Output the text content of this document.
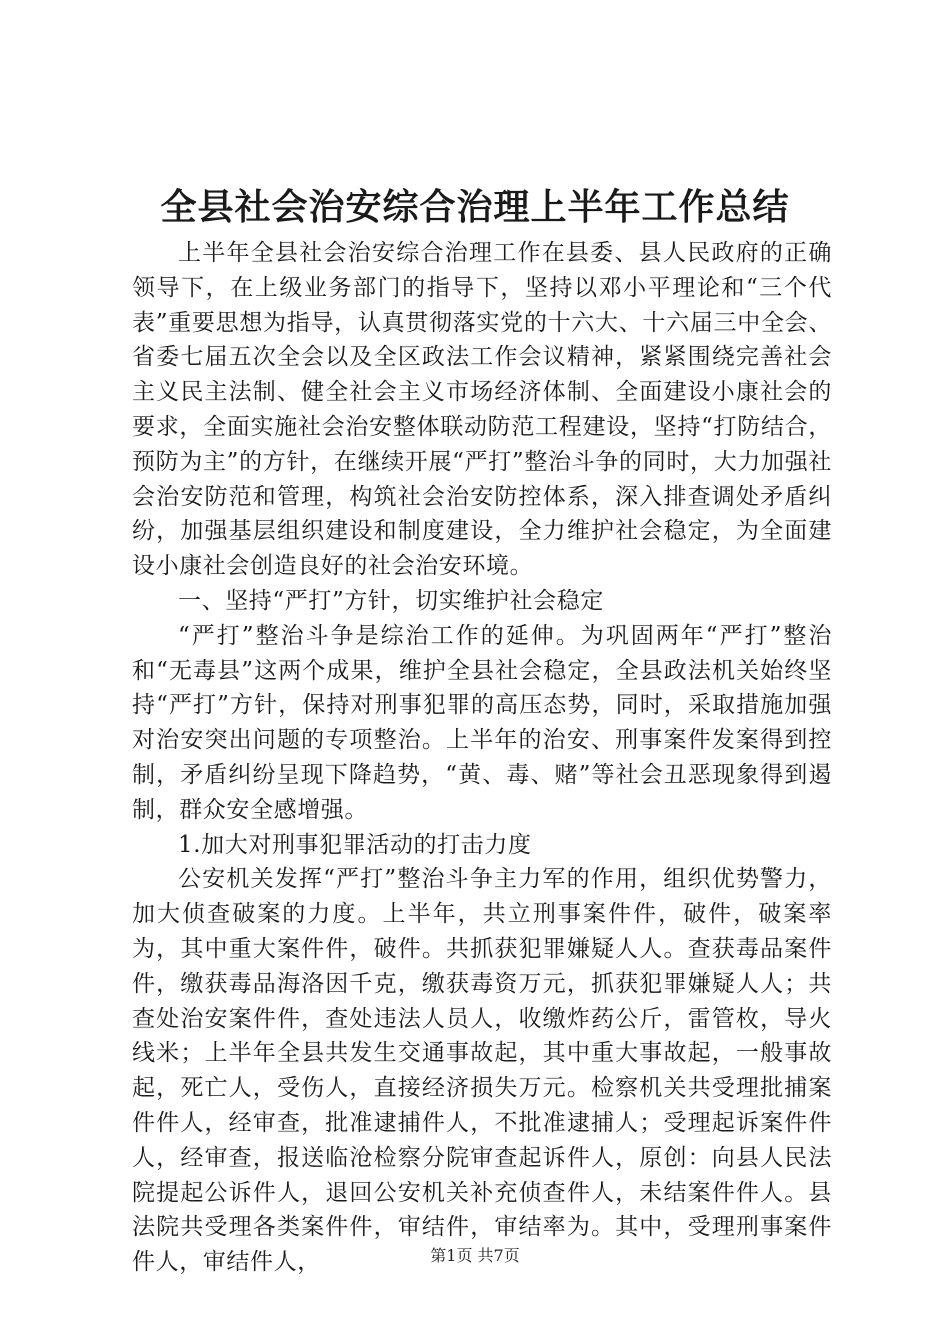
全县社会治安综合治理上半年工作总结

上半年全县社会治安综合治理工作在县委、县人民政府的正确领导下，在上级业务部门的指导下，坚持以邓小平理论和“三个代表”重要思想为指导，认真贯彻落实党的十六大、十六届三中全会、省委七届五次全会以及全区政法工作会议精神，紧紧围绕完善社会主义民主法制、健全社会主义市场经济体制、全面建设小康社会的要求，全面实施社会治安整体联动防范工程建设，坚持“打防结合，预防为主”的方针，在继续开展“严打”整治斗争的同时，大力加强社会治安防范和管理，构筑社会治安防控体系，深入排查调处矛盾纠纷，加强基层组织建设和制度建设，全力维护社会稳定，为全面建设小康社会创造良好的社会治安环境。

一、坚持“严打”方针，切实维护社会稳定

“严打”整治斗争是综治工作的延伸。为巩固两年“严打”整治和“无毒县”这两个成果，维护全县社会稳定，全县政法机关始终坚持“严打”方针，保持对刑事犯罪的高压态势，同时，采取措施加强对治安突出问题的专项整治。上半年的治安、刑事案件发案得到控制，矛盾纠纷呈现下降趋势，“黄、毒、赌”等社会丑恶现象得到遏制，群众安全感增强。

1.加大对刑事犯罪活动的打击力度

公安机关发挥“严打”整治斗争主力军的作用，组织优势警力，加大侦查破案的力度。上半年，共立刑事案件件，破件，破案率为，其中重大案件件，破件。共抓获犯罪嫌疑人人。查获毒品案件件，缴获毒品海洛因千克，缴获毒资万元，抓获犯罪嫌疑人人；共查处治安案件件，查处违法人员人，收缴炸药公斤，雷管枚，导火线米；上半年全县共发生交通事故起，其中重大事故起，一般事故起，死亡人，受伤人，直接经济损失万元。检察机关共受理批捕案件件人，经审查，批准逮捕件人，不批准逮捕人；受理起诉案件件人，经审查，报送临沧检察分院审查起诉件人，原创：向县人民法院提起公诉件人，退回公安机关补充侦查件人，未结案件件人。县法院共受理各类案件件，审结件，审结率为。其中，受理刑事案件件人，审结件人，	第1页 共7页
